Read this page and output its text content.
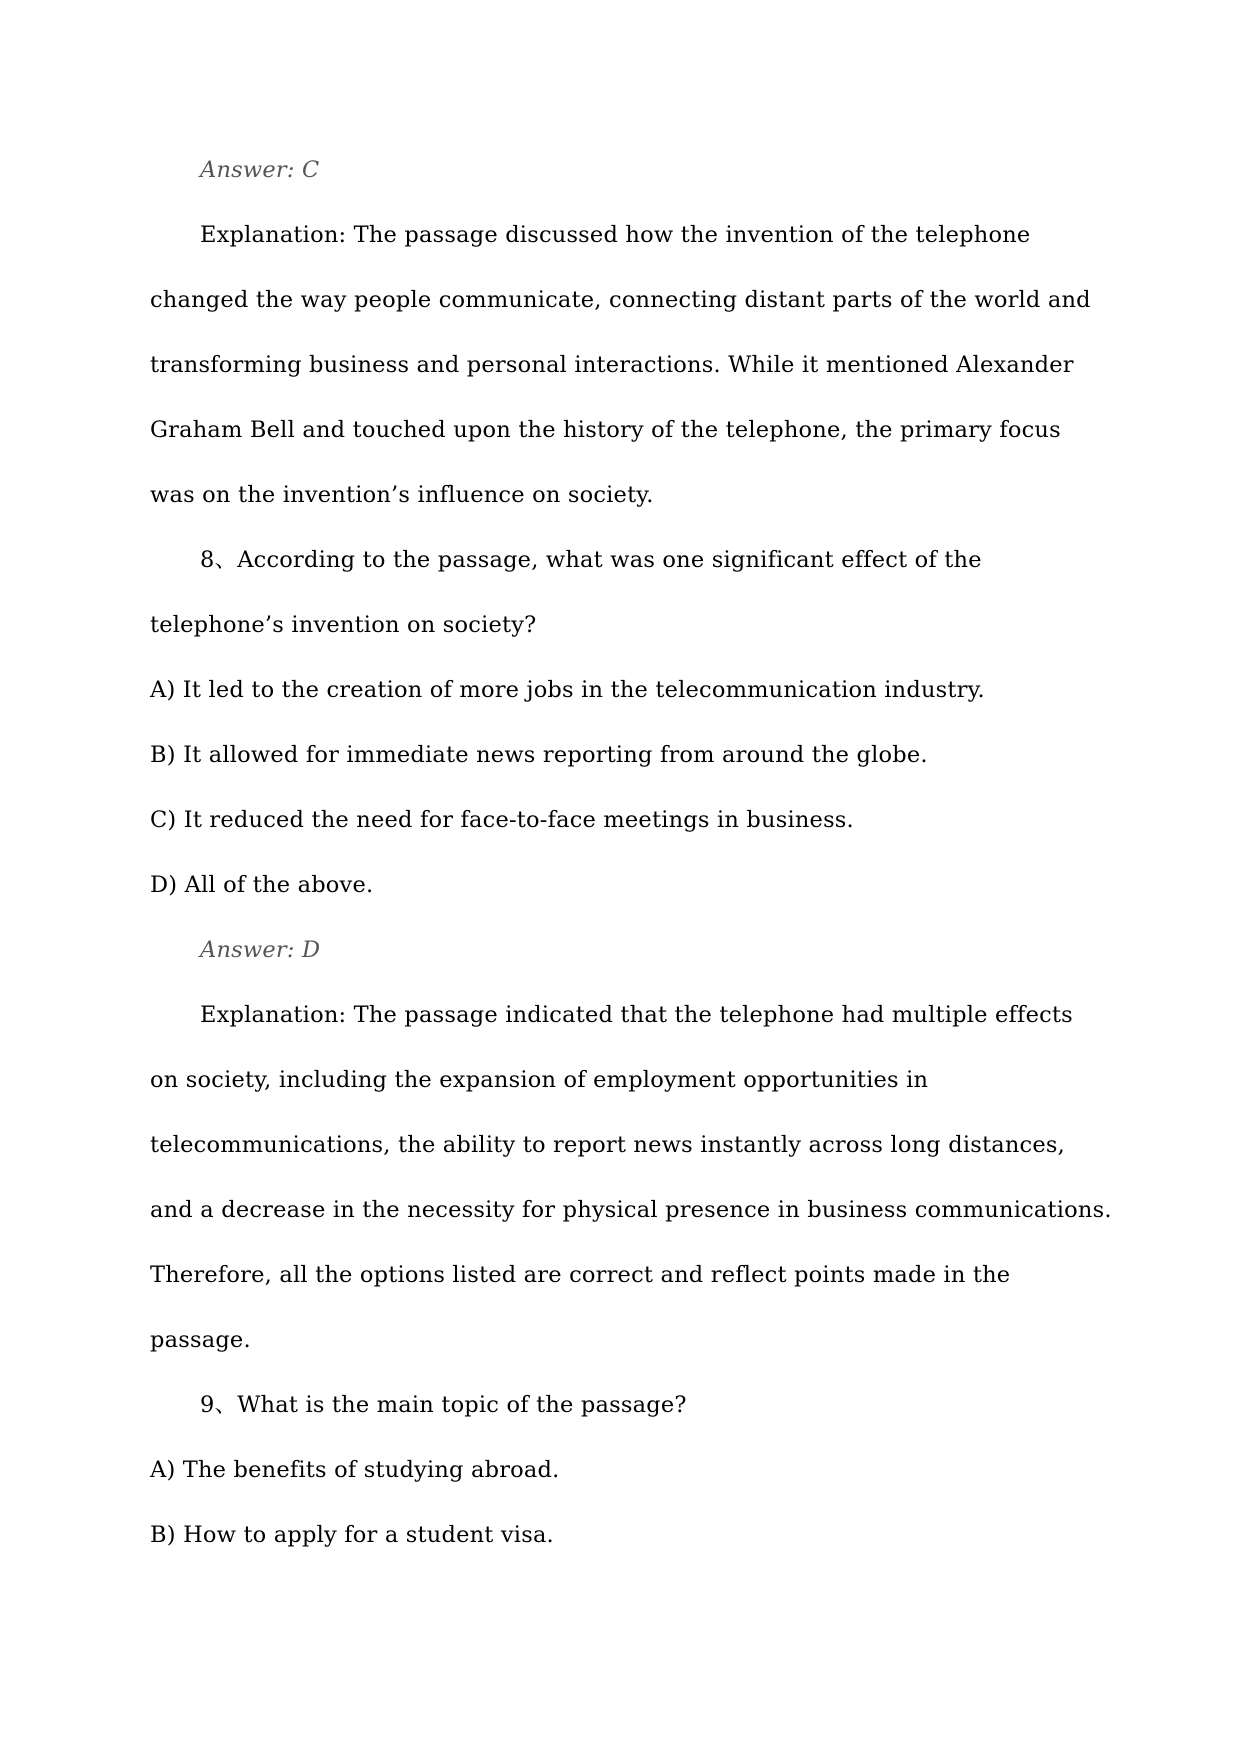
Answer: C
Explanation: The passage discussed how the invention of the telephone
changed the way people communicate, connecting distant parts of the world and
transforming business and personal interactions. While it mentioned Alexander
Graham Bell and touched upon the history of the telephone, the primary focus
was on the invention’s influence on society.
8、According to the passage, what was one significant effect of the
telephone’s invention on society?
A) It led to the creation of more jobs in the telecommunication industry.
B) It allowed for immediate news reporting from around the globe.
C) It reduced the need for face-to-face meetings in business.
D) All of the above.
Answer: D
Explanation: The passage indicated that the telephone had multiple effects
on society, including the expansion of employment opportunities in
telecommunications, the ability to report news instantly across long distances,
and a decrease in the necessity for physical presence in business communications.
Therefore, all the options listed are correct and reflect points made in the
passage.
9、What is the main topic of the passage?
A) The benefits of studying abroad.
B) How to apply for a student visa.
